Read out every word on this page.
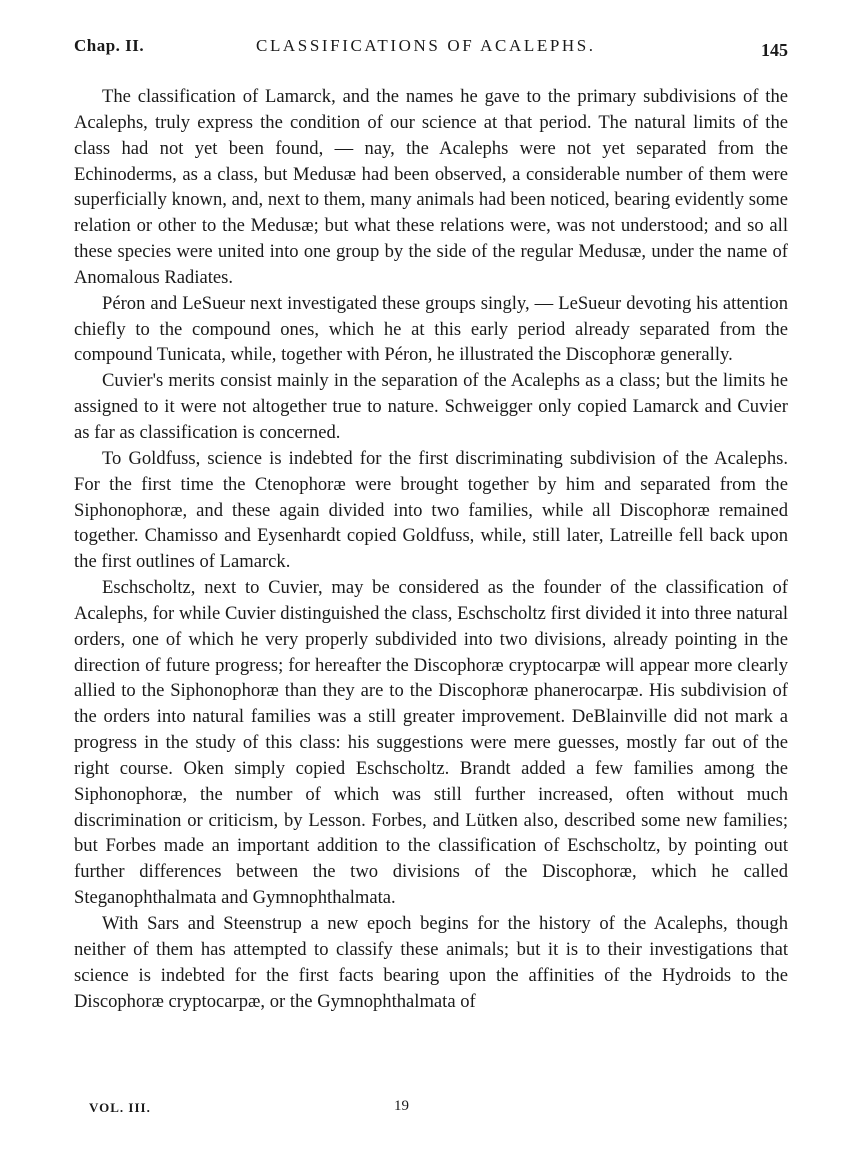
Chap. II.	CLASSIFICATIONS OF ACALEPHS.	145

The classification of Lamarck, and the names he gave to the primary subdivisions of the Acalephs, truly express the condition of our science at that period. The natural limits of the class had not yet been found, — nay, the Acalephs were not yet separated from the Echinoderms, as a class, but Medusæ had been observed, a considerable number of them were superficially known, and, next to them, many animals had been noticed, bearing evidently some relation or other to the Medusæ; but what these relations were, was not understood; and so all these species were united into one group by the side of the regular Medusæ, under the name of Anomalous Radiates.

Péron and LeSueur next investigated these groups singly, — LeSueur devoting his attention chiefly to the compound ones, which he at this early period already separated from the compound Tunicata, while, together with Péron, he illustrated the Discophoræ generally.

Cuvier's merits consist mainly in the separation of the Acalephs as a class; but the limits he assigned to it were not altogether true to nature. Schweigger only copied Lamarck and Cuvier as far as classification is concerned.

To Goldfuss, science is indebted for the first discriminating subdivision of the Acalephs. For the first time the Ctenophoræ were brought together by him and separated from the Siphonophoræ, and these again divided into two families, while all Discophoræ remained together. Chamisso and Eysenhardt copied Goldfuss, while, still later, Latreille fell back upon the first outlines of Lamarck.

Eschscholtz, next to Cuvier, may be considered as the founder of the classification of Acalephs, for while Cuvier distinguished the class, Eschscholtz first divided it into three natural orders, one of which he very properly subdivided into two divisions, already pointing in the direction of future progress; for hereafter the Discophoræ cryptocarpæ will appear more clearly allied to the Siphonophoræ than they are to the Discophoræ phanerocarpæ. His subdivision of the orders into natural families was a still greater improvement. DeBlainville did not mark a progress in the study of this class: his suggestions were mere guesses, mostly far out of the right course. Oken simply copied Eschscholtz. Brandt added a few families among the Siphonophoræ, the number of which was still further increased, often without much discrimination or criticism, by Lesson. Forbes, and Lütken also, described some new families; but Forbes made an important addition to the classification of Eschscholtz, by pointing out further differences between the two divisions of the Discophoræ, which he called Steganophthalmata and Gymnophthalmata.

With Sars and Steenstrup a new epoch begins for the history of the Acalephs, though neither of them has attempted to classify these animals; but it is to their investigations that science is indebted for the first facts bearing upon the affinities of the Hydroids to the Discophoræ cryptocarpæ, or the Gymnophthalmata of

VOL. III.	19
